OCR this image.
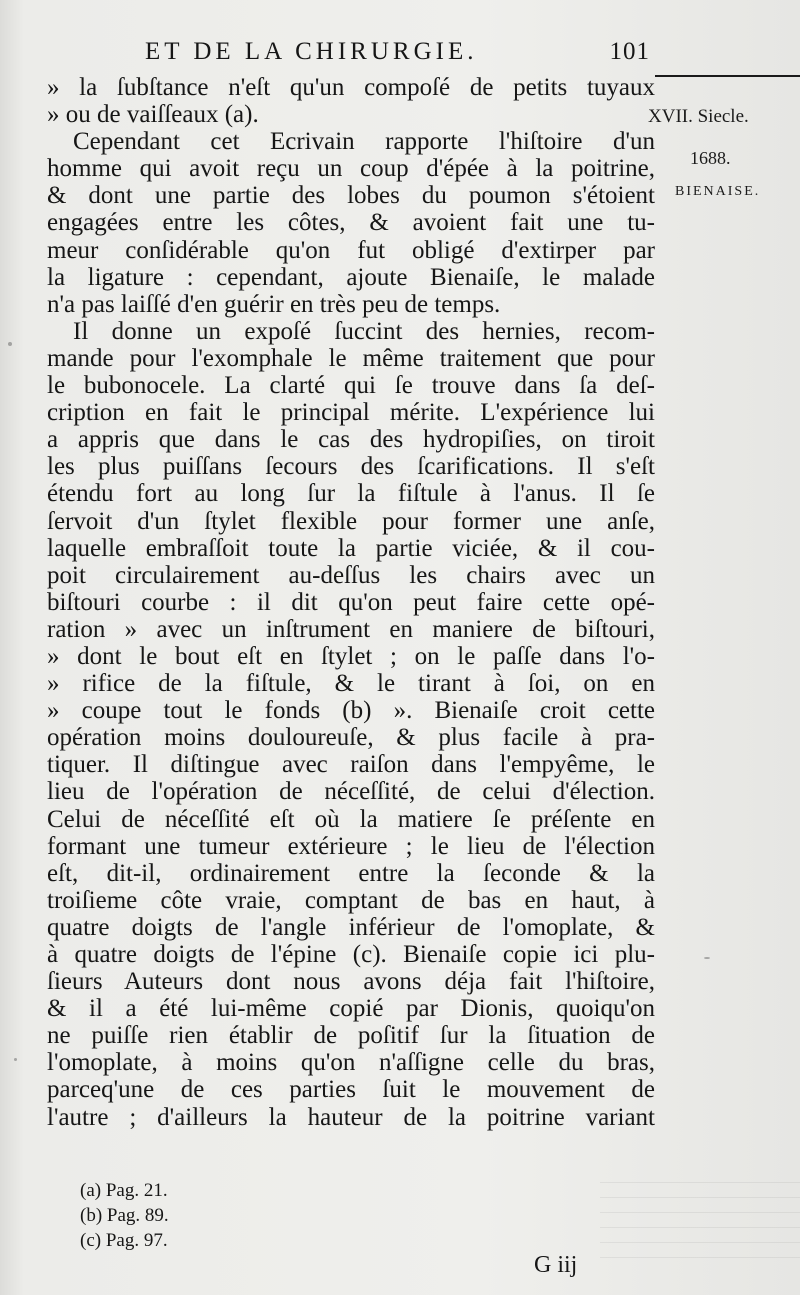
ET DE LA CHIRURGIE.	101
XVII. Siecle.
1688.
BIENAISE.
» la ſubſtance n'eſt qu'un compoſé de petits tuyaux
» ou de vaiſſeaux (a).
Cependant cet Ecrivain rapporte l'hiſtoire d'un
homme qui avoit reçu un coup d'épée à la poitrine,
& dont une partie des lobes du poumon s'étoient
engagées entre les côtes, & avoient fait une tu-
meur conſidérable qu'on fut obligé d'extirper par
la ligature : cependant, ajoute Bienaiſe, le malade
n'a pas laiſſé d'en guérir en très peu de temps.
Il donne un expoſé ſuccint des hernies, recom-
mande pour l'exomphale le même traitement que pour
le bubonocele. La clarté qui ſe trouve dans ſa deſ-
cription en fait le principal mérite. L'expérience lui
a appris que dans le cas des hydropiſies, on tiroit
les plus puiſſans ſecours des ſcarifications. Il s'eſt
étendu fort au long ſur la fiſtule à l'anus. Il ſe
ſervoit d'un ſtylet flexible pour former une anſe,
laquelle embraſſoit toute la partie viciée, & il cou-
poit circulairement au-deſſus les chairs avec un
biſtouri courbe : il dit qu'on peut faire cette opé-
ration » avec un inſtrument en maniere de biſtouri,
» dont le bout eſt en ſtylet ; on le paſſe dans l'o-
» rifice de la fiſtule, & le tirant à ſoi, on en
» coupe tout le fonds (b) ». Bienaiſe croit cette
opération moins douloureuſe, & plus facile à pra-
tiquer. Il diſtingue avec raiſon dans l'empyême, le
lieu de l'opération de néceſſité, de celui d'élection.
Celui de néceſſité eſt où la matiere ſe préſente en
formant une tumeur extérieure ; le lieu de l'élection
eſt, dit-il, ordinairement entre la ſeconde & la
troiſieme côte vraie, comptant de bas en haut, à
quatre doigts de l'angle inférieur de l'omoplate, &
à quatre doigts de l'épine (c). Bienaiſe copie ici plu-
ſieurs Auteurs dont nous avons déja fait l'hiſtoire,
& il a été lui-même copié par Dionis, quoiqu'on
ne puiſſe rien établir de poſitif ſur la ſituation de
l'omoplate, à moins qu'on n'aſſigne celle du bras,
parceq'une de ces parties ſuit le mouvement de
l'autre ; d'ailleurs la hauteur de la poitrine variant
(a) Pag. 21.
(b) Pag. 89.
(c) Pag. 97.
G iij
